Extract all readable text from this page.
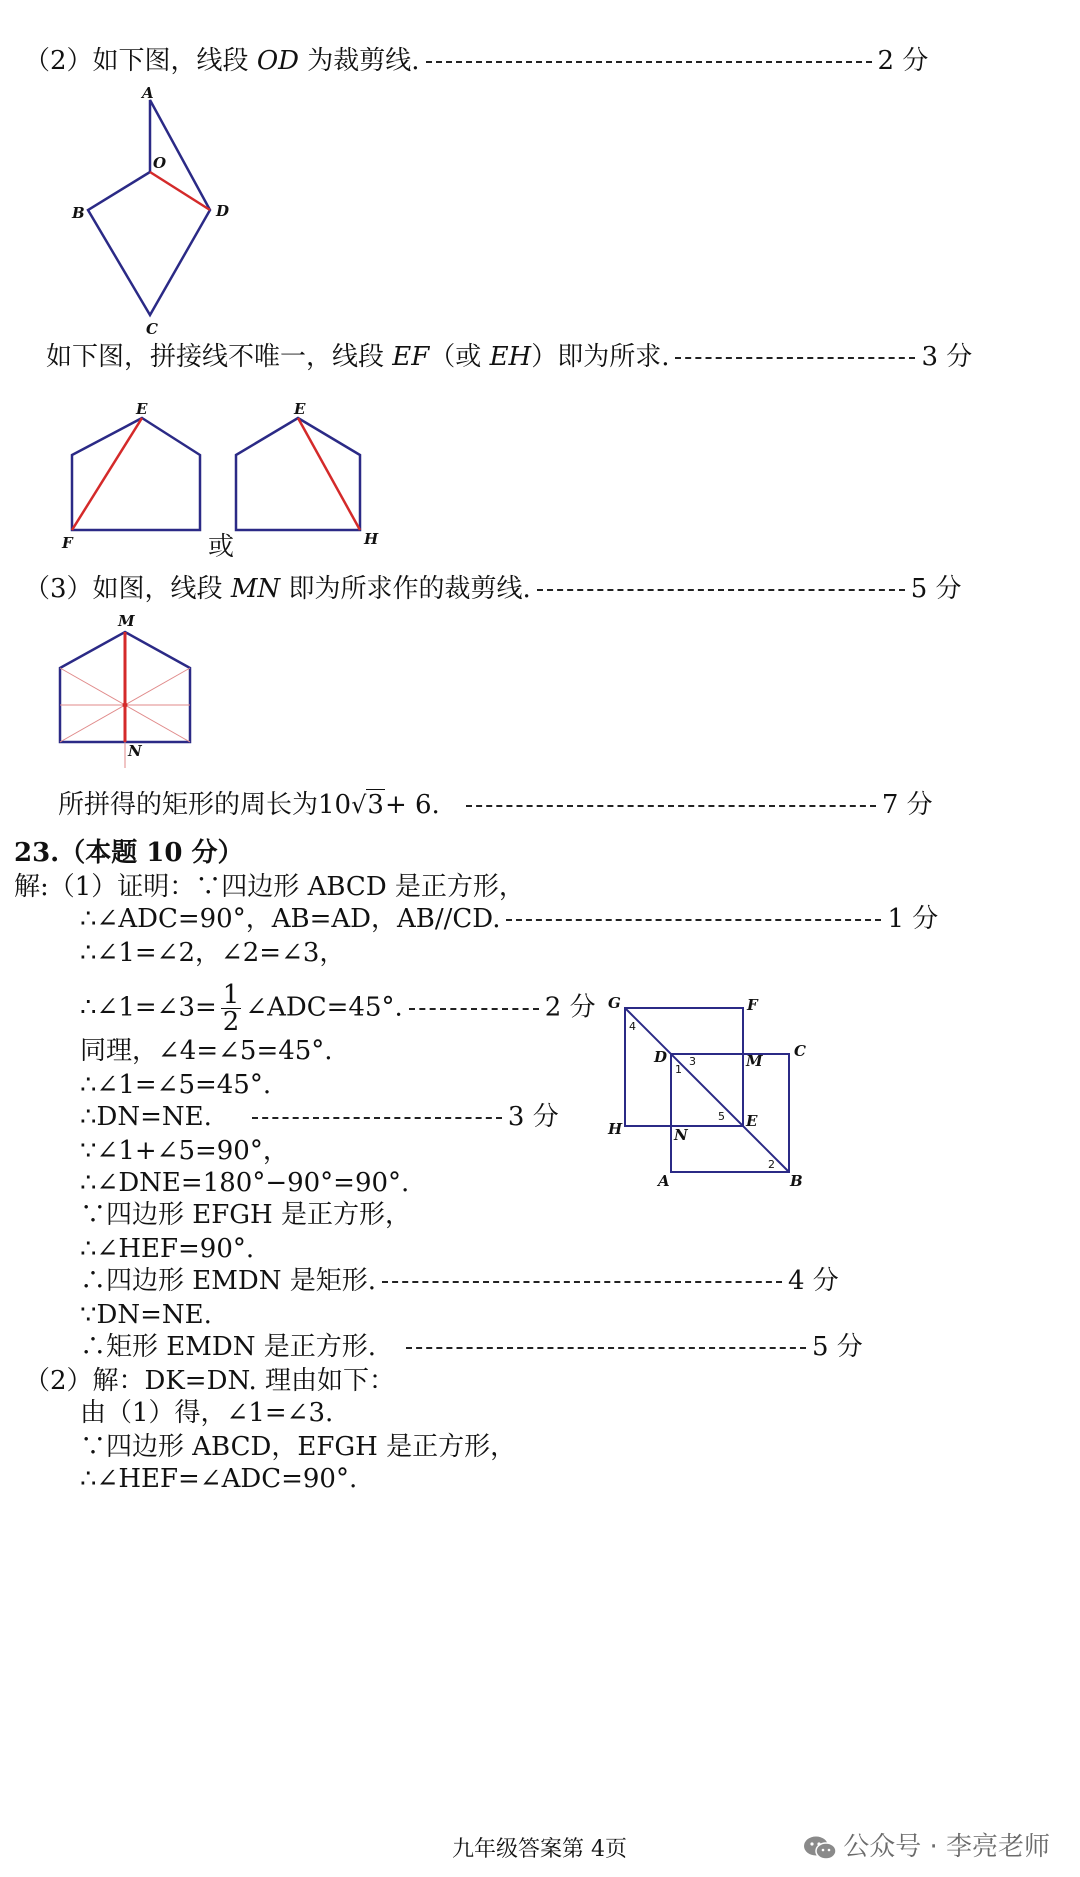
（2）如下图，线段 OD 为裁剪线.	2 分
A
O
B	D
C
如下图，拼接线不唯一，线段 EF（或 EH）即为所求.	3 分
E
F	或
E
H
（3）如图，线段 MN 即为所求作的裁剪线.	5 分
M
N
所拼得的矩形的周长为10√3+ 6.	7 分
23.（本题 10 分）
解:（1）证明：∵四边形 ABCD 是正方形，
∴∠ADC=90°，AB=AD，AB//CD.	1 分
∴∠1=∠2，∠2=∠3，
∴∠1=∠3= $\frac{1}{2}$ ∠ADC=45°.	2 分
同理，∠4=∠5=45°.
∴∠1=∠5=45°.
∴DN=NE.	3 分
∵∠1+∠5=90°，
∴∠DNE=180°−90°=90°.
∵四边形 EFGH 是正方形，
∴∠HEF=90°.
∴四边形 EMDN 是矩形.	4 分
∵DN=NE.
∴矩形 EMDN 是正方形.	5 分
（2）解：DK=DN. 理由如下：
由（1）得，∠1=∠3.
∵四边形 ABCD，EFGH 是正方形，
∴∠HEF=∠ADC=90°.
G	F
C
D	M
H	N
E
A	B
4
3
1
5
2
九年级答案第 4页	公众号 · 李亮老师
